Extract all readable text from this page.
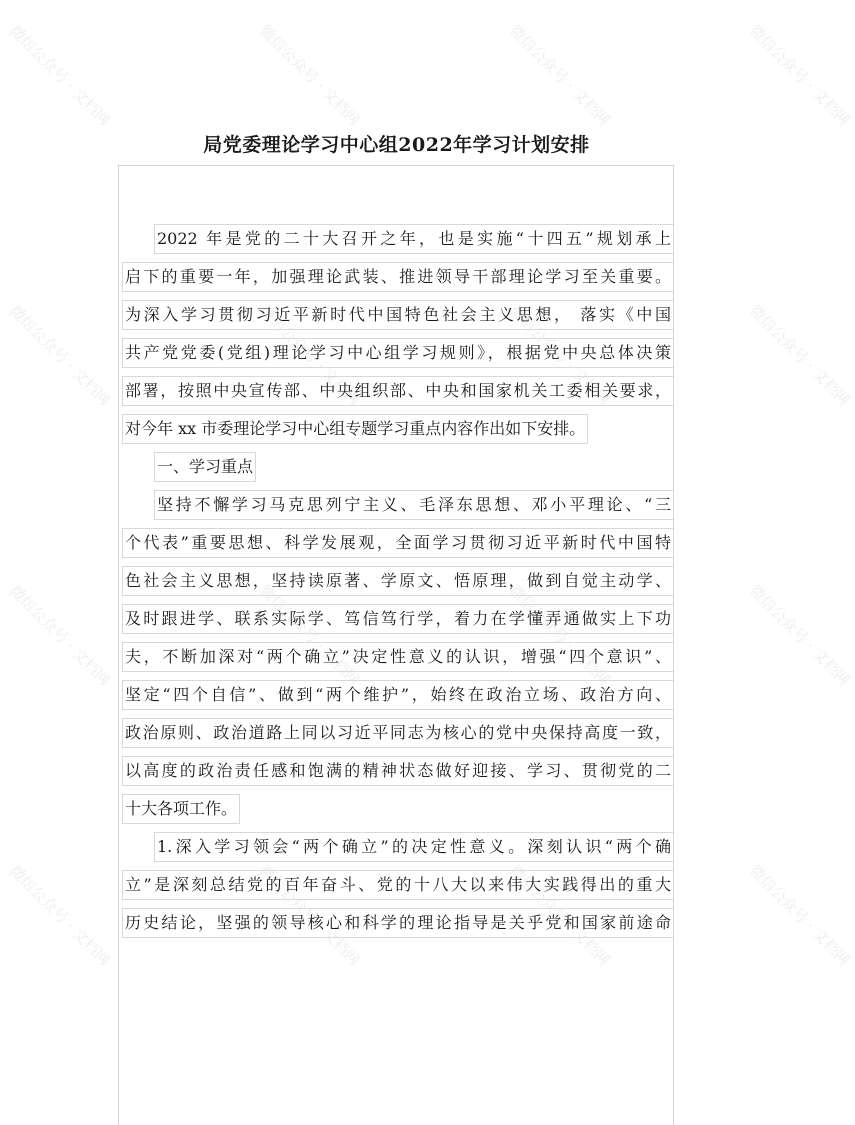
微信公众号 · 文档网	微信公众号 · 文档网	微信公众号 · 文档网	微信公众号 · 文档网
微信公众号 · 文档网	微信公众号 · 文档网	微信公众号 · 文档网	微信公众号 · 文档网
微信公众号 · 文档网	微信公众号 · 文档网	微信公众号 · 文档网	微信公众号 · 文档网
微信公众号 · 文档网	微信公众号 · 文档网	微信公众号 · 文档网	微信公众号 · 文档网
局党委理论学习中心组2022年学习计划安排
2022 年是党的二十大召开之年，也是实施“十四五”规划承上
启下的重要一年，加强理论武装、推进领导干部理论学习至关重要。
为深入学习贯彻习近平新时代中国特色社会主义思想， 落实《中国
共产党党委(党组)理论学习中心组学习规则》，根据党中央总体决策
部署，按照中央宣传部、中央组织部、中央和国家机关工委相关要求，
对今年 xx 市委理论学习中心组专题学习重点内容作出如下安排。
一、学习重点
坚持不懈学习马克思列宁主义、毛泽东思想、邓小平理论、“三
个代表”重要思想、科学发展观，全面学习贯彻习近平新时代中国特
色社会主义思想，坚持读原著、学原文、悟原理，做到自觉主动学、
及时跟进学、联系实际学、笃信笃行学，着力在学懂弄通做实上下功
夫，不断加深对“两个确立”决定性意义的认识，增强“四个意识”、
坚定“四个自信”、做到“两个维护”，始终在政治立场、政治方向、
政治原则、政治道路上同以习近平同志为核心的党中央保持高度一致，
以高度的政治责任感和饱满的精神状态做好迎接、学习、贯彻党的二
十大各项工作。
1.深入学习领会“两个确立”的决定性意义。深刻认识“两个确
立”是深刻总结党的百年奋斗、党的十八大以来伟大实践得出的重大
历史结论，坚强的领导核心和科学的理论指导是关乎党和国家前途命
